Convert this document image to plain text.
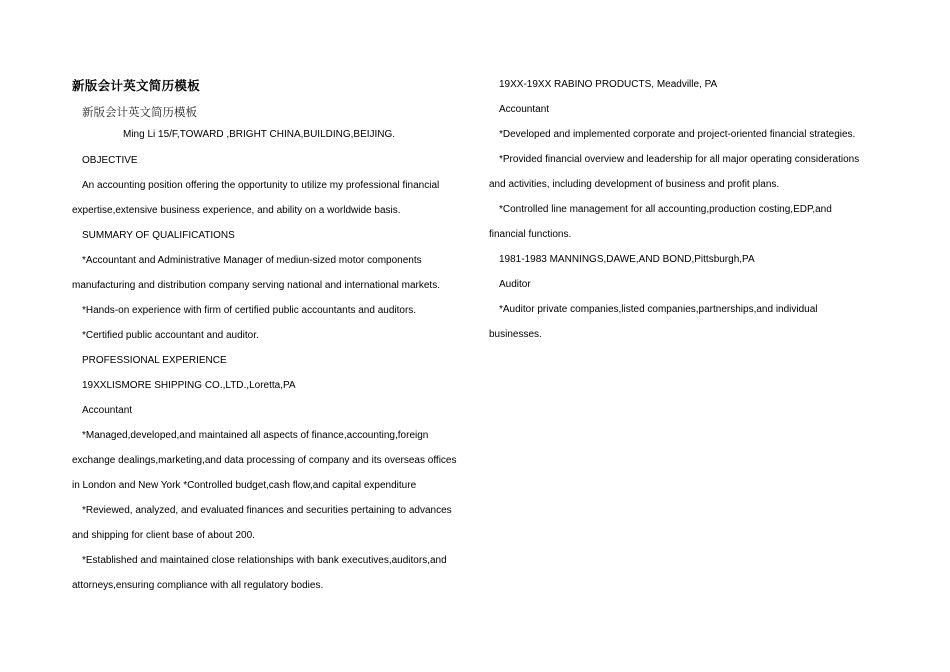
新版会计英文简历模板
新版会计英文简历模板
Ming Li 15/F,TOWARD ,BRIGHT CHINA,BUILDING,BEIJING.
OBJECTIVE
An accounting position offering the opportunity to utilize my professional financial
expertise,extensive business experience, and ability on a worldwide basis.
SUMMARY OF QUALIFICATIONS
*Accountant and Administrative Manager of mediun-sized motor components
manufacturing and distribution company serving national and international markets.
*Hands-on experience with firm of certified public accountants and auditors.
*Certified public accountant and auditor.
PROFESSIONAL EXPERIENCE
19XXLISMORE SHIPPING CO.,LTD.,Loretta,PA
Accountant
*Managed,developed,and maintained all aspects of finance,accounting,foreign
exchange dealings,marketing,and data processing of company and its overseas offices
in London and New York *Controlled budget,cash flow,and capital expenditure
*Reviewed, analyzed, and evaluated finances and securities pertaining to advances
and shipping for client base of about 200.
*Established and maintained close relationships with bank executives,auditors,and
attorneys,ensuring compliance with all regulatory bodies.
19XX-19XX RABINO PRODUCTS, Meadville, PA
Accountant
*Developed and implemented corporate and project-oriented financial strategies.
*Provided financial overview and leadership for all major operating considerations
and activities, including development of business and profit plans.
*Controlled line management for all accounting,production costing,EDP,and
financial functions.
1981-1983 MANNINGS,DAWE,AND BOND,Pittsburgh,PA
Auditor
*Auditor private companies,listed companies,partnerships,and individual
businesses.
